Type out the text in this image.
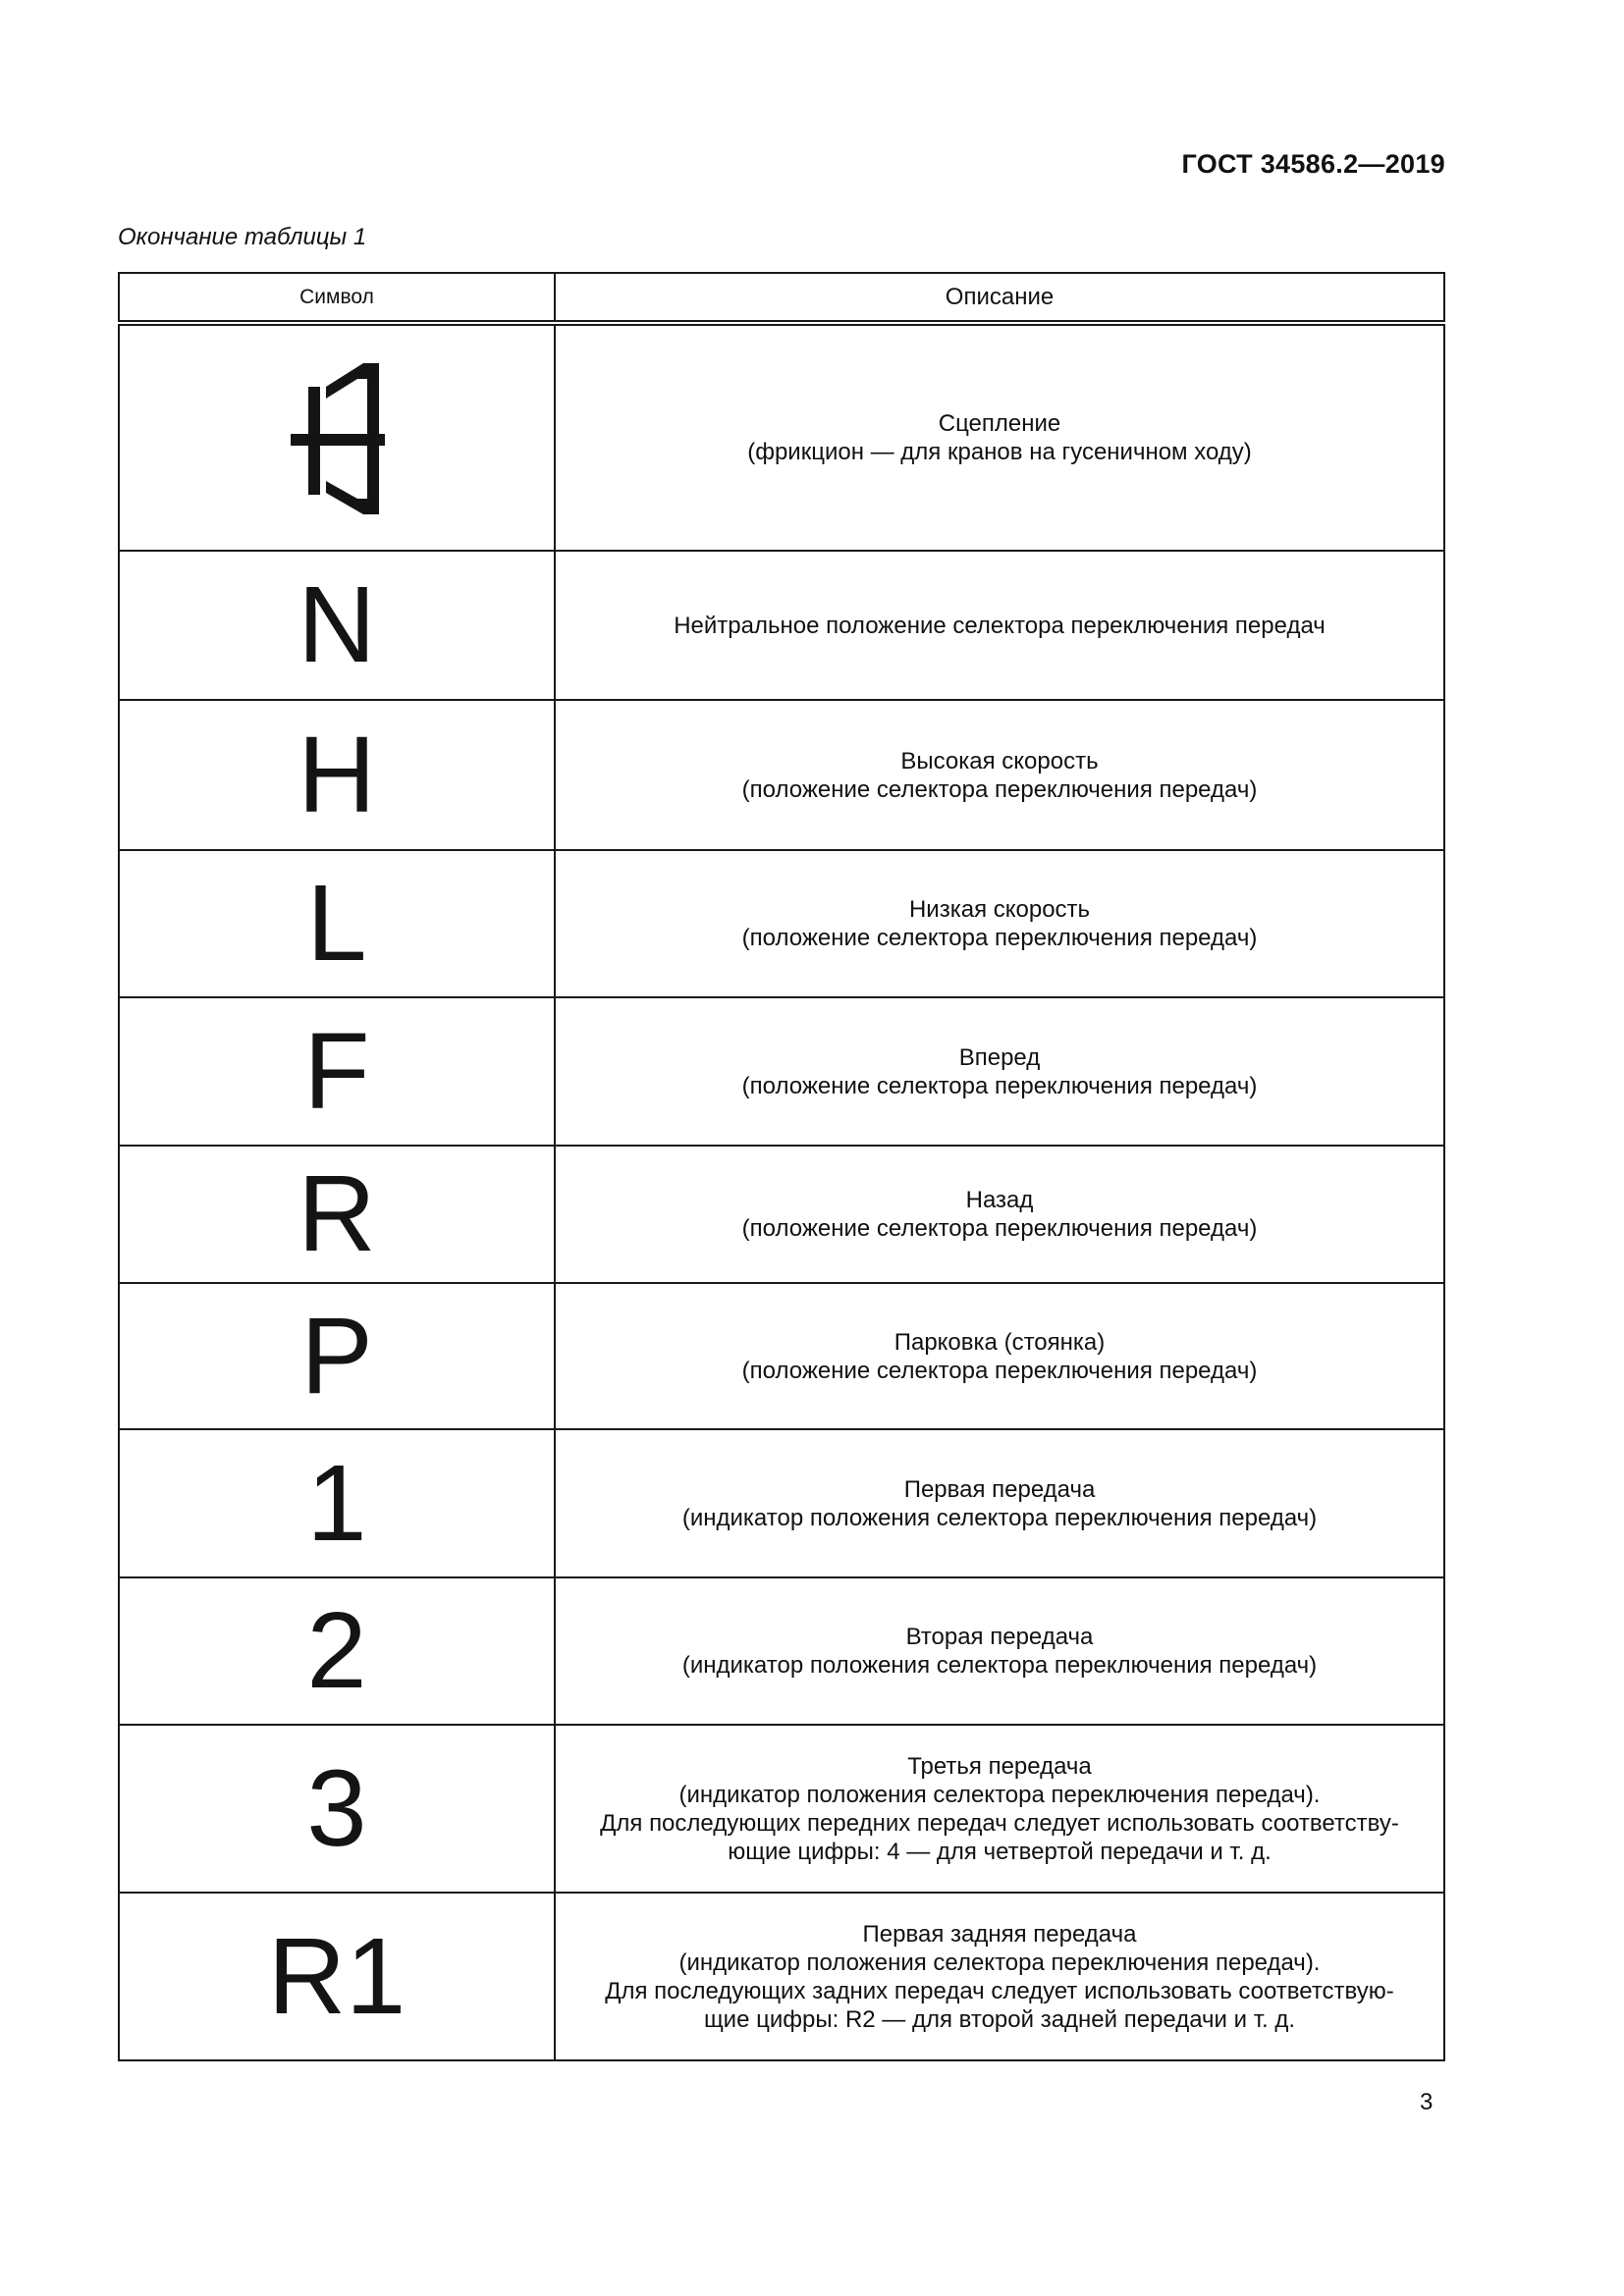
ГОСТ 34586.2—2019
Окончание таблицы 1
Символ	Описание

Сцепление
(фрикцион — для кранов на гусеничном ходу)

N	Нейтральное положение селектора переключения передач

H	Высокая скорость
(положение селектора переключения передач)

L	Низкая скорость
(положение селектора переключения передач)

F	Вперед
(положение селектора переключения передач)

R	Назад
(положение селектора переключения передач)

P	Парковка (стоянка)
(положение селектора переключения передач)

1	Первая передача
(индикатор положения селектора переключения передач)

2	Вторая передача
(индикатор положения селектора переключения передач)

3	Третья передача
(индикатор положения селектора переключения передач).
Для последующих передних передач следует использовать соответству-
ющие цифры: 4 — для четвертой передачи и т. д.

R1	Первая задняя передача
(индикатор положения селектора переключения передач).
Для последующих задних передач следует использовать соответствую-
щие цифры: R2 — для второй задней передачи и т. д.
3
